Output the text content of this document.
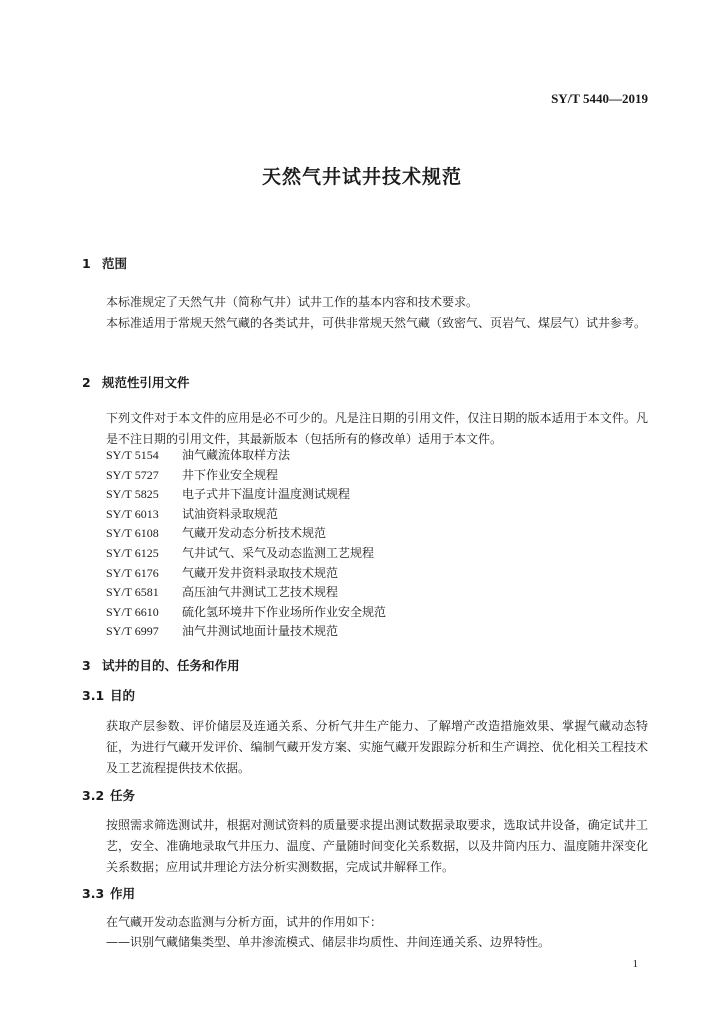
SY/T 5440—2019
天然气井试井技术规范
1 范围
本标准规定了天然气井（简称气井）试井工作的基本内容和技术要求。
本标准适用于常规天然气藏的各类试井，可供非常规天然气藏（致密气、页岩气、煤层气）试井参考。
2 规范性引用文件
下列文件对于本文件的应用是必不可少的。凡是注日期的引用文件，仅注日期的版本适用于本文件。凡是不注日期的引用文件，其最新版本（包括所有的修改单）适用于本文件。
SY/T 5154 油气藏流体取样方法
SY/T 5727 井下作业安全规程
SY/T 5825 电子式井下温度计温度测试规程
SY/T 6013 试油资料录取规范
SY/T 6108 气藏开发动态分析技术规范
SY/T 6125 气井试气、采气及动态监测工艺规程
SY/T 6176 气藏开发井资料录取技术规范
SY/T 6581 高压油气井测试工艺技术规程
SY/T 6610 硫化氢环境井下作业场所作业安全规范
SY/T 6997 油气井测试地面计量技术规范
3 试井的目的、任务和作用
3.1 目的
获取产层参数、评价储层及连通关系、分析气井生产能力、了解增产改造措施效果、掌握气藏动态特征，为进行气藏开发评价、编制气藏开发方案、实施气藏开发跟踪分析和生产调控、优化相关工程技术及工艺流程提供技术依据。
3.2 任务
按照需求筛选测试井，根据对测试资料的质量要求提出测试数据录取要求，选取试井设备，确定试井工艺，安全、准确地录取气井压力、温度、产量随时间变化关系数据，以及井筒内压力、温度随井深变化关系数据；应用试井理论方法分析实测数据，完成试井解释工作。
3.3 作用
在气藏开发动态监测与分析方面，试井的作用如下：
——识别气藏储集类型、单井渗流模式、储层非均质性、井间连通关系、边界特性。
1
